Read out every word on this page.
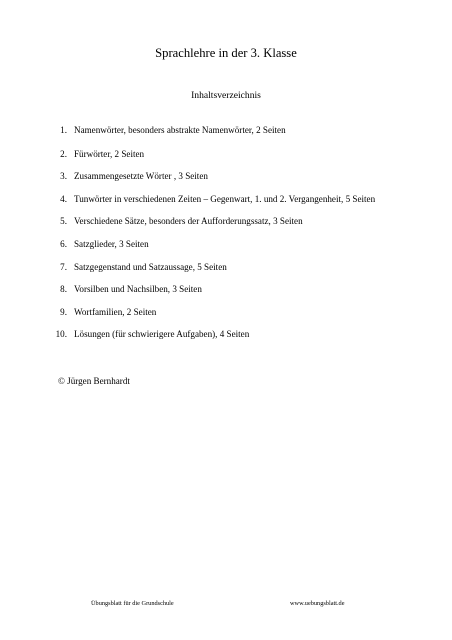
Sprachlehre in der 3. Klasse
Inhaltsverzeichnis
1. Namenwörter, besonders abstrakte Namenwörter, 2 Seiten
2. Fürwörter, 2 Seiten
3. Zusammengesetzte Wörter , 3 Seiten
4. Tunwörter in verschiedenen Zeiten – Gegenwart, 1. und 2. Vergangenheit, 5 Seiten
5. Verschiedene Sätze, besonders der Aufforderungssatz, 3 Seiten
6. Satzglieder, 3 Seiten
7. Satzgegenstand und Satzaussage, 5 Seiten
8. Vorsilben und Nachsilben, 3 Seiten
9. Wortfamilien, 2 Seiten
10. Lösungen (für schwierigere Aufgaben), 4 Seiten
© Jürgen Bernhardt
Übungsblatt für die Grundschule	www.uebungsblatt.de
